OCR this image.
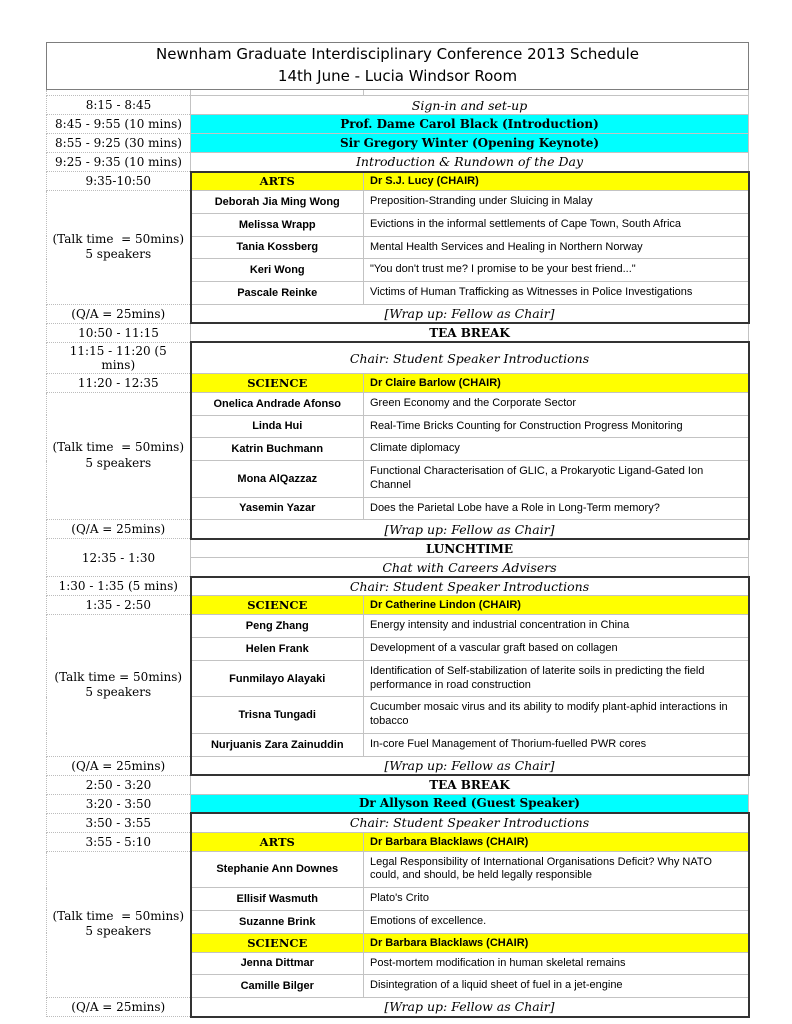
Newnham Graduate Interdisciplinary Conference 2013 Schedule
14th June - Lucia Windsor Room		

8:15 - 8:45	Sign-in and set-up	
8:45 - 9:55 (10 mins)	Prof. Dame Carol Black (Introduction)	
8:55 - 9:25 (30 mins)	Sir Gregory Winter (Opening Keynote)	
9:25 - 9:35 (10 mins)	Introduction & Rundown of the Day	
9:35-10:50	ARTS	Dr S.J. Lucy (CHAIR)
(Talk time  = 50mins) 5 speakers	Deborah Jia Ming Wong	Preposition-Stranding under Sluicing in Malay
	Melissa Wrapp	Evictions in the informal settlements of Cape Town, South Africa
	Tania Kossberg	Mental Health Services and Healing in Northern Norway
	Keri Wong	"You don't trust me? I promise to be your best friend..."
	Pascale Reinke	Victims of Human Trafficking as Witnesses in Police Investigations
(Q/A = 25mins)	[Wrap up: Fellow as Chair]	
10:50 - 11:15	TEA BREAK	
11:15 - 11:20 (5 mins)	Chair: Student Speaker Introductions	
11:20 - 12:35	SCIENCE	Dr Claire Barlow (CHAIR)
(Talk time  = 50mins) 5 speakers	Onelica Andrade Afonso	Green Economy and the Corporate Sector
	Linda Hui	Real-Time Bricks Counting for Construction Progress Monitoring
	Katrin Buchmann	Climate diplomacy
	Mona AlQazzaz	Functional Characterisation of GLIC, a Prokaryotic Ligand-Gated Ion Channel
	Yasemin Yazar	Does the Parietal Lobe have a Role in Long-Term memory?
(Q/A = 25mins)	[Wrap up: Fellow as Chair]	
12:35 - 1:30	LUNCHTIME	
	Chat with Careers Advisers	
1:30 - 1:35 (5 mins)	Chair: Student Speaker Introductions	
1:35 - 2:50	SCIENCE	Dr Catherine Lindon (CHAIR)
(Talk time = 50mins) 5 speakers	Peng Zhang	Energy intensity and industrial concentration in China
	Helen Frank	Development of a vascular graft based on collagen
	Funmilayo Alayaki	Identification of Self-stabilization of laterite soils in predicting the field performance in road construction
	Trisna Tungadi	Cucumber mosaic virus and its ability to modify plant-aphid interactions in tobacco
	Nurjuanis Zara Zainuddin	In-core Fuel Management of Thorium-fuelled PWR cores
(Q/A = 25mins)	[Wrap up: Fellow as Chair]	
2:50 - 3:20	TEA BREAK	
3:20 - 3:50	Dr Allyson Reed (Guest Speaker)	
3:50 - 3:55	Chair: Student Speaker Introductions	
3:55 - 5:10	ARTS	Dr Barbara Blacklaws (CHAIR)
(Talk time  = 50mins) 5 speakers	Stephanie Ann Downes	Legal Responsibility of International Organisations Deficit? Why NATO could, and should, be held legally responsible
	Ellisif Wasmuth	Plato's Crito
	Suzanne Brink	Emotions of excellence.
	SCIENCE	Dr Barbara Blacklaws (CHAIR)
	Jenna Dittmar	Post-mortem modification in human skeletal remains
	Camille Bilger	Disintegration of a liquid sheet of fuel in a jet-engine
(Q/A = 25mins)	[Wrap up: Fellow as Chair]	
